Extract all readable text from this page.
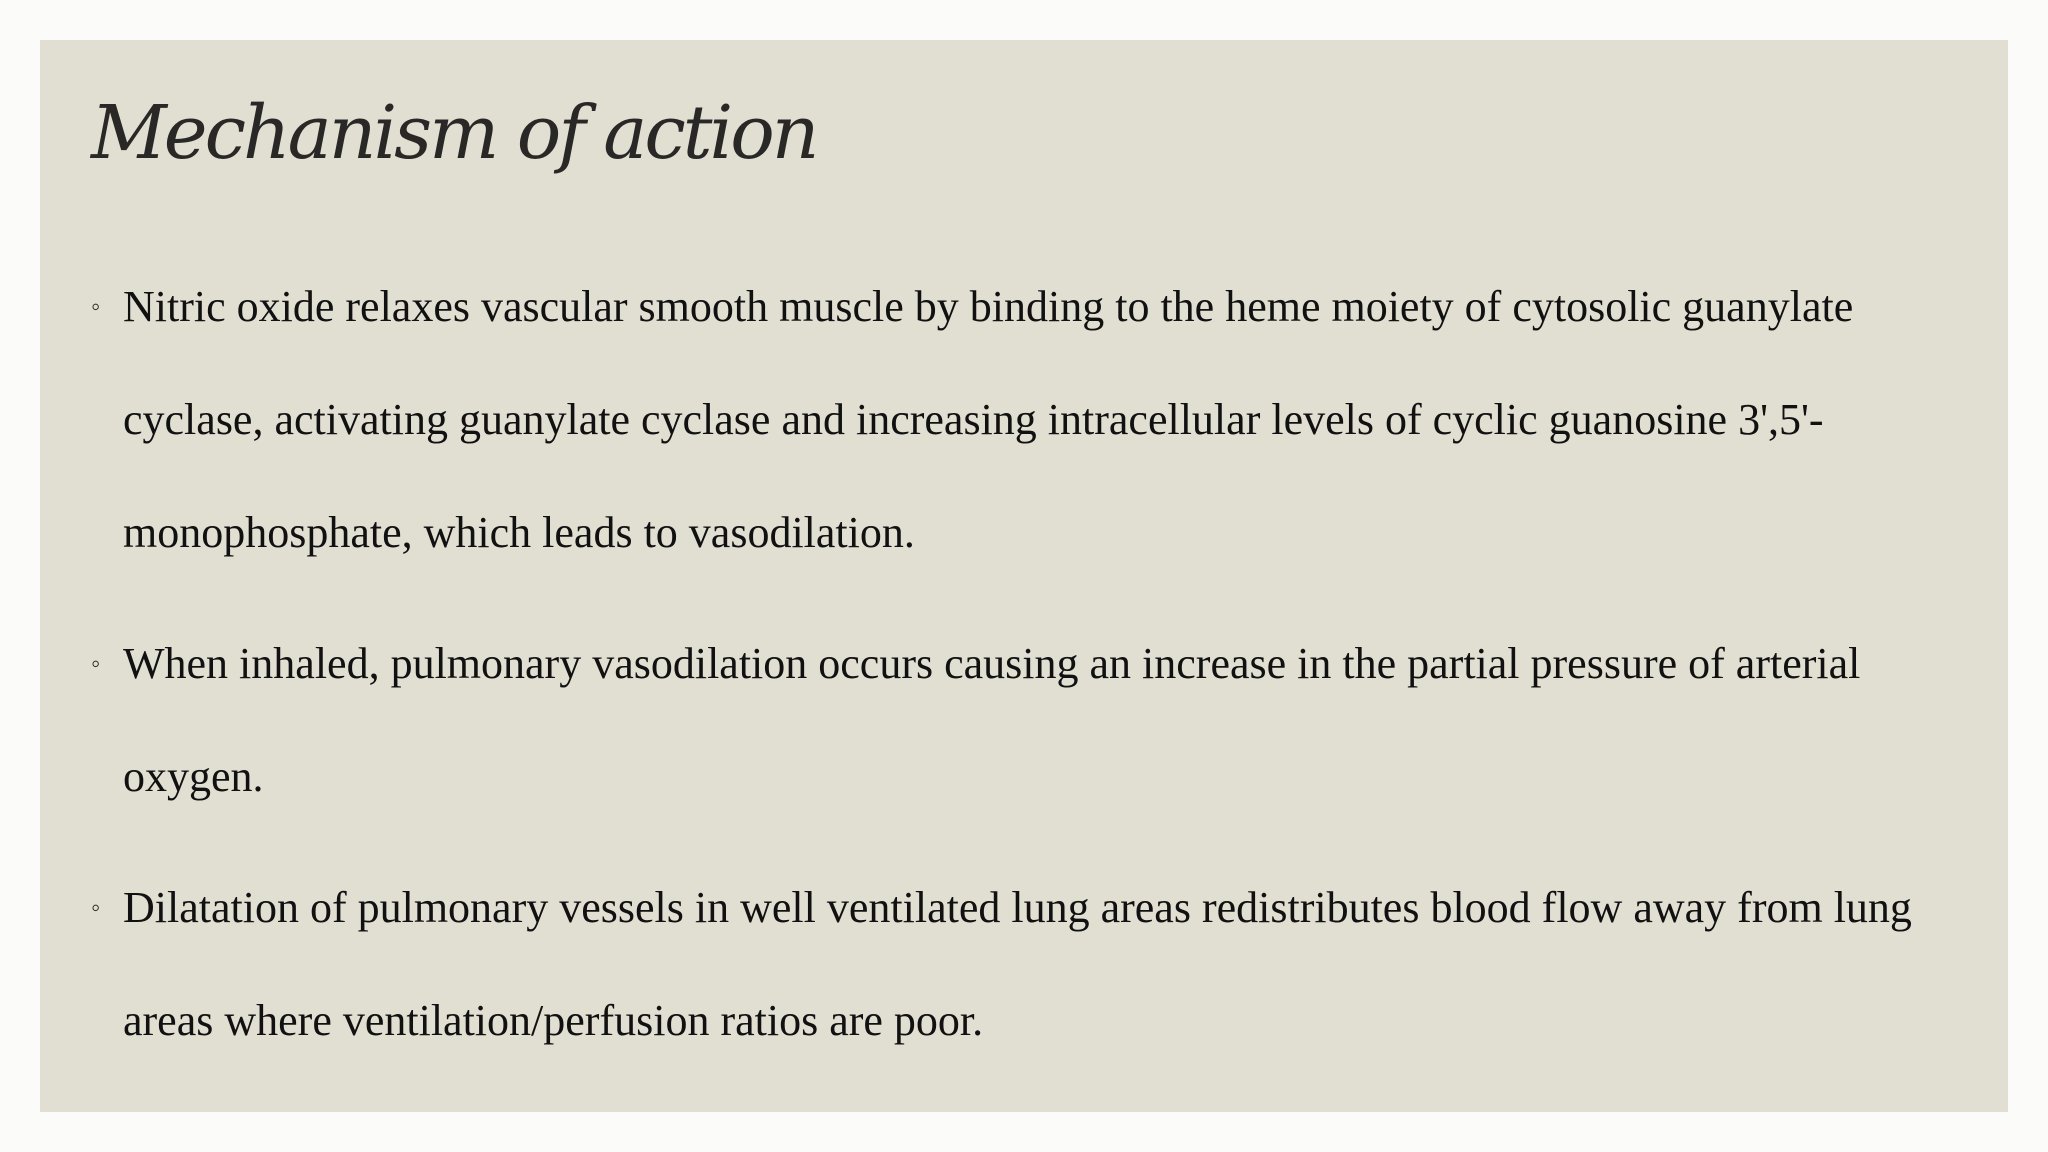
Mechanism of action
◦ Nitric oxide relaxes vascular smooth muscle by binding to the heme moiety of cytosolic guanylate cyclase, activating guanylate cyclase and increasing intracellular levels of cyclic guanosine 3',5'-monophosphate, which leads to vasodilation.
◦ When inhaled, pulmonary vasodilation occurs causing an increase in the partial pressure of arterial oxygen.
◦ Dilatation of pulmonary vessels in well ventilated lung areas redistributes blood flow away from lung areas where ventilation/perfusion ratios are poor.
